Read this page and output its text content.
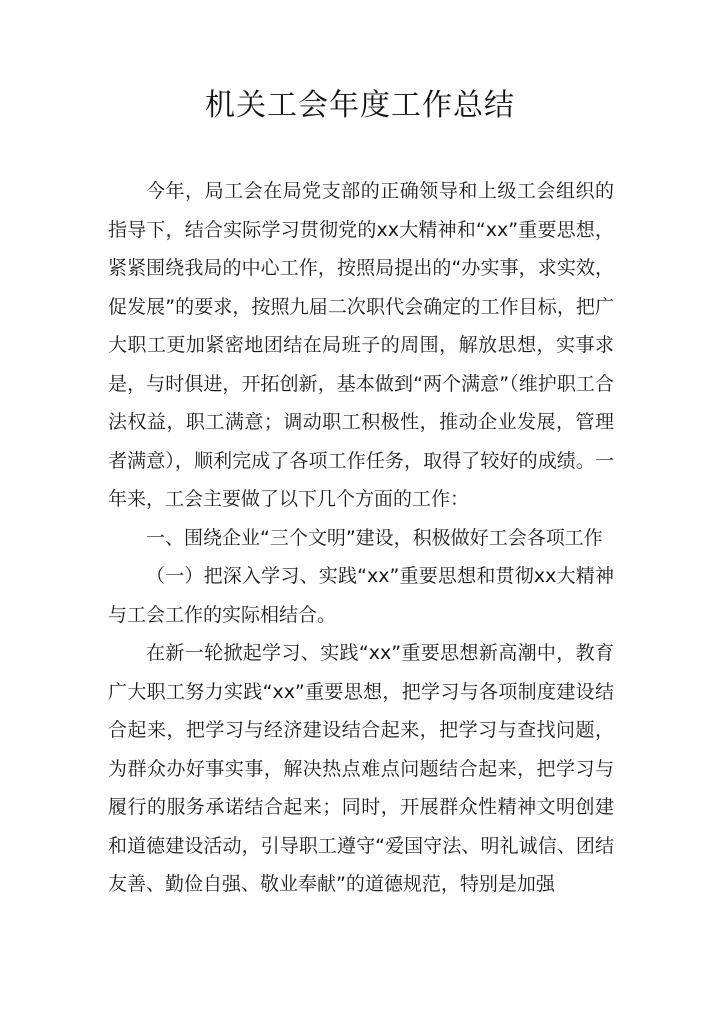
机关工会年度工作总结

今年，局工会在局党支部的正确领导和上级工会组织的指导下，结合实际学习贯彻党的xx大精神和“xx”重要思想，紧紧围绕我局的中心工作，按照局提出的“办实事，求实效，促发展”的要求，按照九届二次职代会确定的工作目标，把广大职工更加紧密地团结在局班子的周围，解放思想，实事求是，与时俱进，开拓创新，基本做到“两个满意”（维护职工合法权益，职工满意；调动职工积极性，推动企业发展，管理者满意），顺利完成了各项工作任务，取得了较好的成绩。一年来，工会主要做了以下几个方面的工作：

一、围绕企业“三个文明”建设，积极做好工会各项工作

（一）把深入学习、实践“xx”重要思想和贯彻xx大精神与工会工作的实际相结合。

在新一轮掀起学习、实践“xx”重要思想新高潮中，教育广大职工努力实践“xx”重要思想，把学习与各项制度建设结合起来，把学习与经济建设结合起来，把学习与查找问题，为群众办好事实事，解决热点难点问题结合起来，把学习与履行的服务承诺结合起来；同时，开展群众性精神文明创建和道德建设活动，引导职工遵守“爱国守法、明礼诚信、团结友善、勤俭自强、敬业奉献”的道德规范，特别是加强
